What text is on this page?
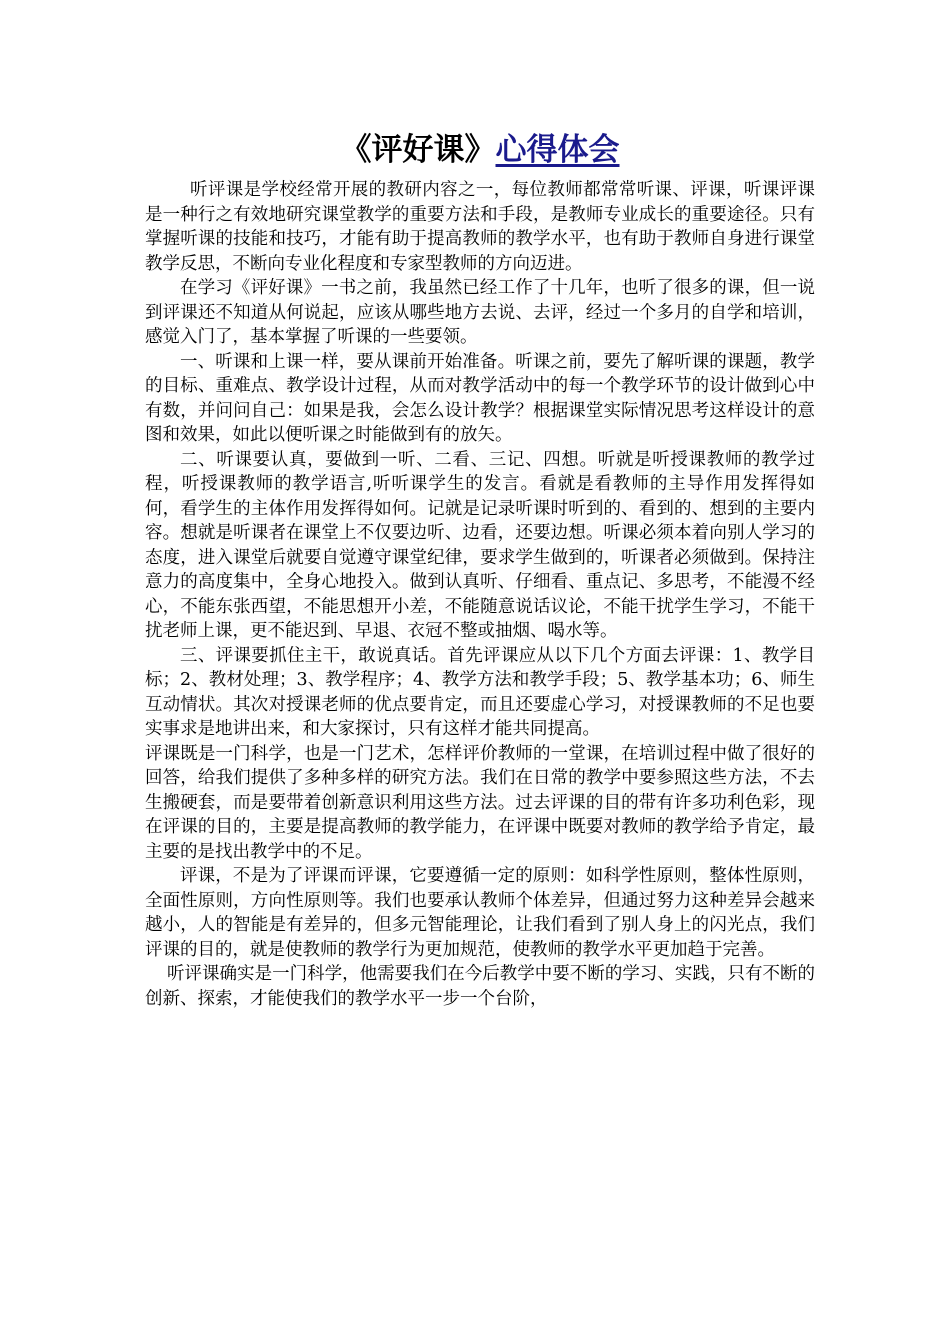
《评好课》心得体会

听评课是学校经常开展的教研内容之一，每位教师都常常听课、评课，听课评课是一种行之有效地研究课堂教学的重要方法和手段，是教师专业成长的重要途径。只有掌握听课的技能和技巧，才能有助于提高教师的教学水平，也有助于教师自身进行课堂教学反思，不断向专业化程度和专家型教师的方向迈进。

在学习《评好课》一书之前，我虽然已经工作了十几年，也听了很多的课，但一说到评课还不知道从何说起，应该从哪些地方去说、去评，经过一个多月的自学和培训，感觉入门了，基本掌握了听课的一些要领。

一、听课和上课一样，要从课前开始准备。听课之前，要先了解听课的课题，教学的目标、重难点、教学设计过程，从而对教学活动中的每一个教学环节的设计做到心中有数，并问问自己：如果是我，会怎么设计教学？根据课堂实际情况思考这样设计的意图和效果，如此以便听课之时能做到有的放矢。

二、听课要认真，要做到一听、二看、三记、四想。听就是听授课教师的教学过程，听授课教师的教学语言,听听课学生的发言。看就是看教师的主导作用发挥得如何，看学生的主体作用发挥得如何。记就是记录听课时听到的、看到的、想到的主要内容。想就是听课者在课堂上不仅要边听、边看，还要边想。听课必须本着向别人学习的态度，进入课堂后就要自觉遵守课堂纪律，要求学生做到的，听课者必须做到。保持注意力的高度集中，全身心地投入。做到认真听、仔细看、重点记、多思考，不能漫不经心，不能东张西望，不能思想开小差，不能随意说话议论，不能干扰学生学习，不能干扰老师上课，更不能迟到、早退、衣冠不整或抽烟、喝水等。

三、评课要抓住主干，敢说真话。首先评课应从以下几个方面去评课：1、教学目标；2、教材处理；3、教学程序；4、教学方法和教学手段；5、教学基本功；6、师生互动情状。其次对授课老师的优点要肯定，而且还要虚心学习，对授课教师的不足也要实事求是地讲出来，和大家探讨，只有这样才能共同提高。

评课既是一门科学，也是一门艺术，怎样评价教师的一堂课，在培训过程中做了很好的回答，给我们提供了多种多样的研究方法。我们在日常的教学中要参照这些方法，不去生搬硬套，而是要带着创新意识利用这些方法。过去评课的目的带有许多功利色彩，现在评课的目的，主要是提高教师的教学能力，在评课中既要对教师的教学给予肯定，最主要的是找出教学中的不足。

评课，不是为了评课而评课，它要遵循一定的原则：如科学性原则，整体性原则，全面性原则，方向性原则等。我们也要承认教师个体差异，但通过努力这种差异会越来越小，人的智能是有差异的，但多元智能理论，让我们看到了别人身上的闪光点，我们评课的目的，就是使教师的教学行为更加规范，使教师的教学水平更加趋于完善。

听评课确实是一门科学，他需要我们在今后教学中要不断的学习、实践，只有不断的创新、探索，才能使我们的教学水平一步一个台阶，
